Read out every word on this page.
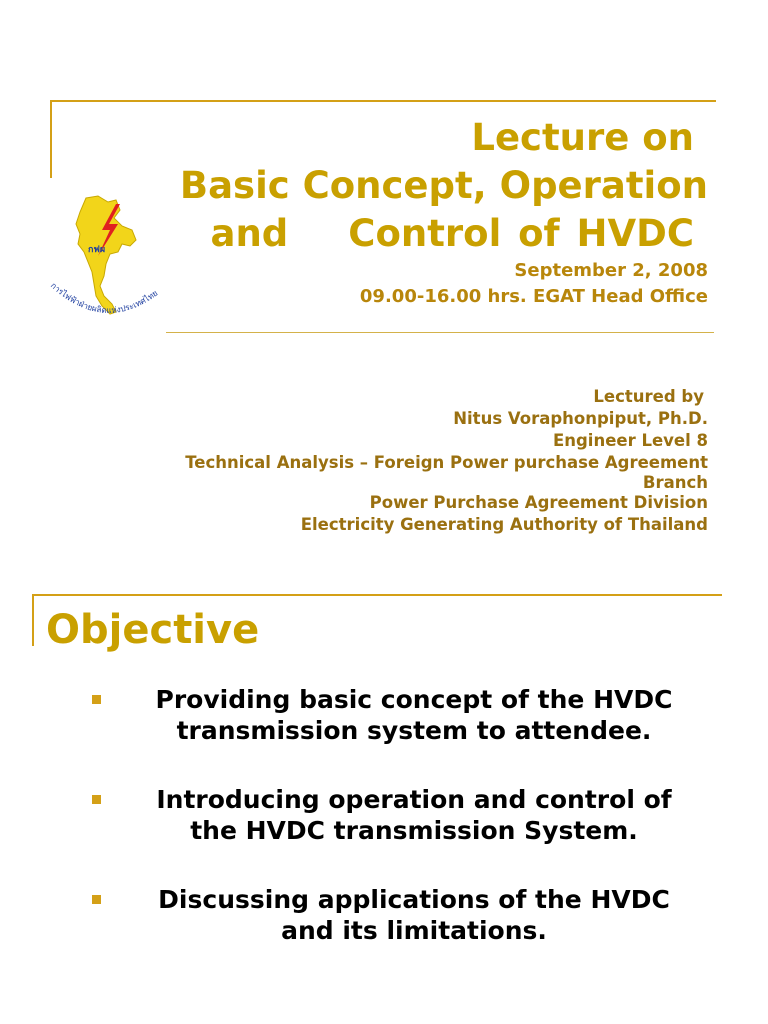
กฟผ
การไฟฟ้าฝ่ายผลิตแห่งประเทศไทย
Lecture on
Basic Concept, Operation
and Control of HVDC
September 2, 2008
09.00-16.00 hrs. EGAT Head Office
Lectured by
Nitus Voraphonpiput, Ph.D.
Engineer Level 8
Technical Analysis – Foreign Power purchase Agreement
Branch
Power Purchase Agreement Division
Electricity Generating Authority of Thailand
Objective
Providing basic concept of the HVDC
transmission system to attendee.
Introducing operation and control of
the HVDC transmission System.
Discussing applications of the HVDC
and its limitations.
